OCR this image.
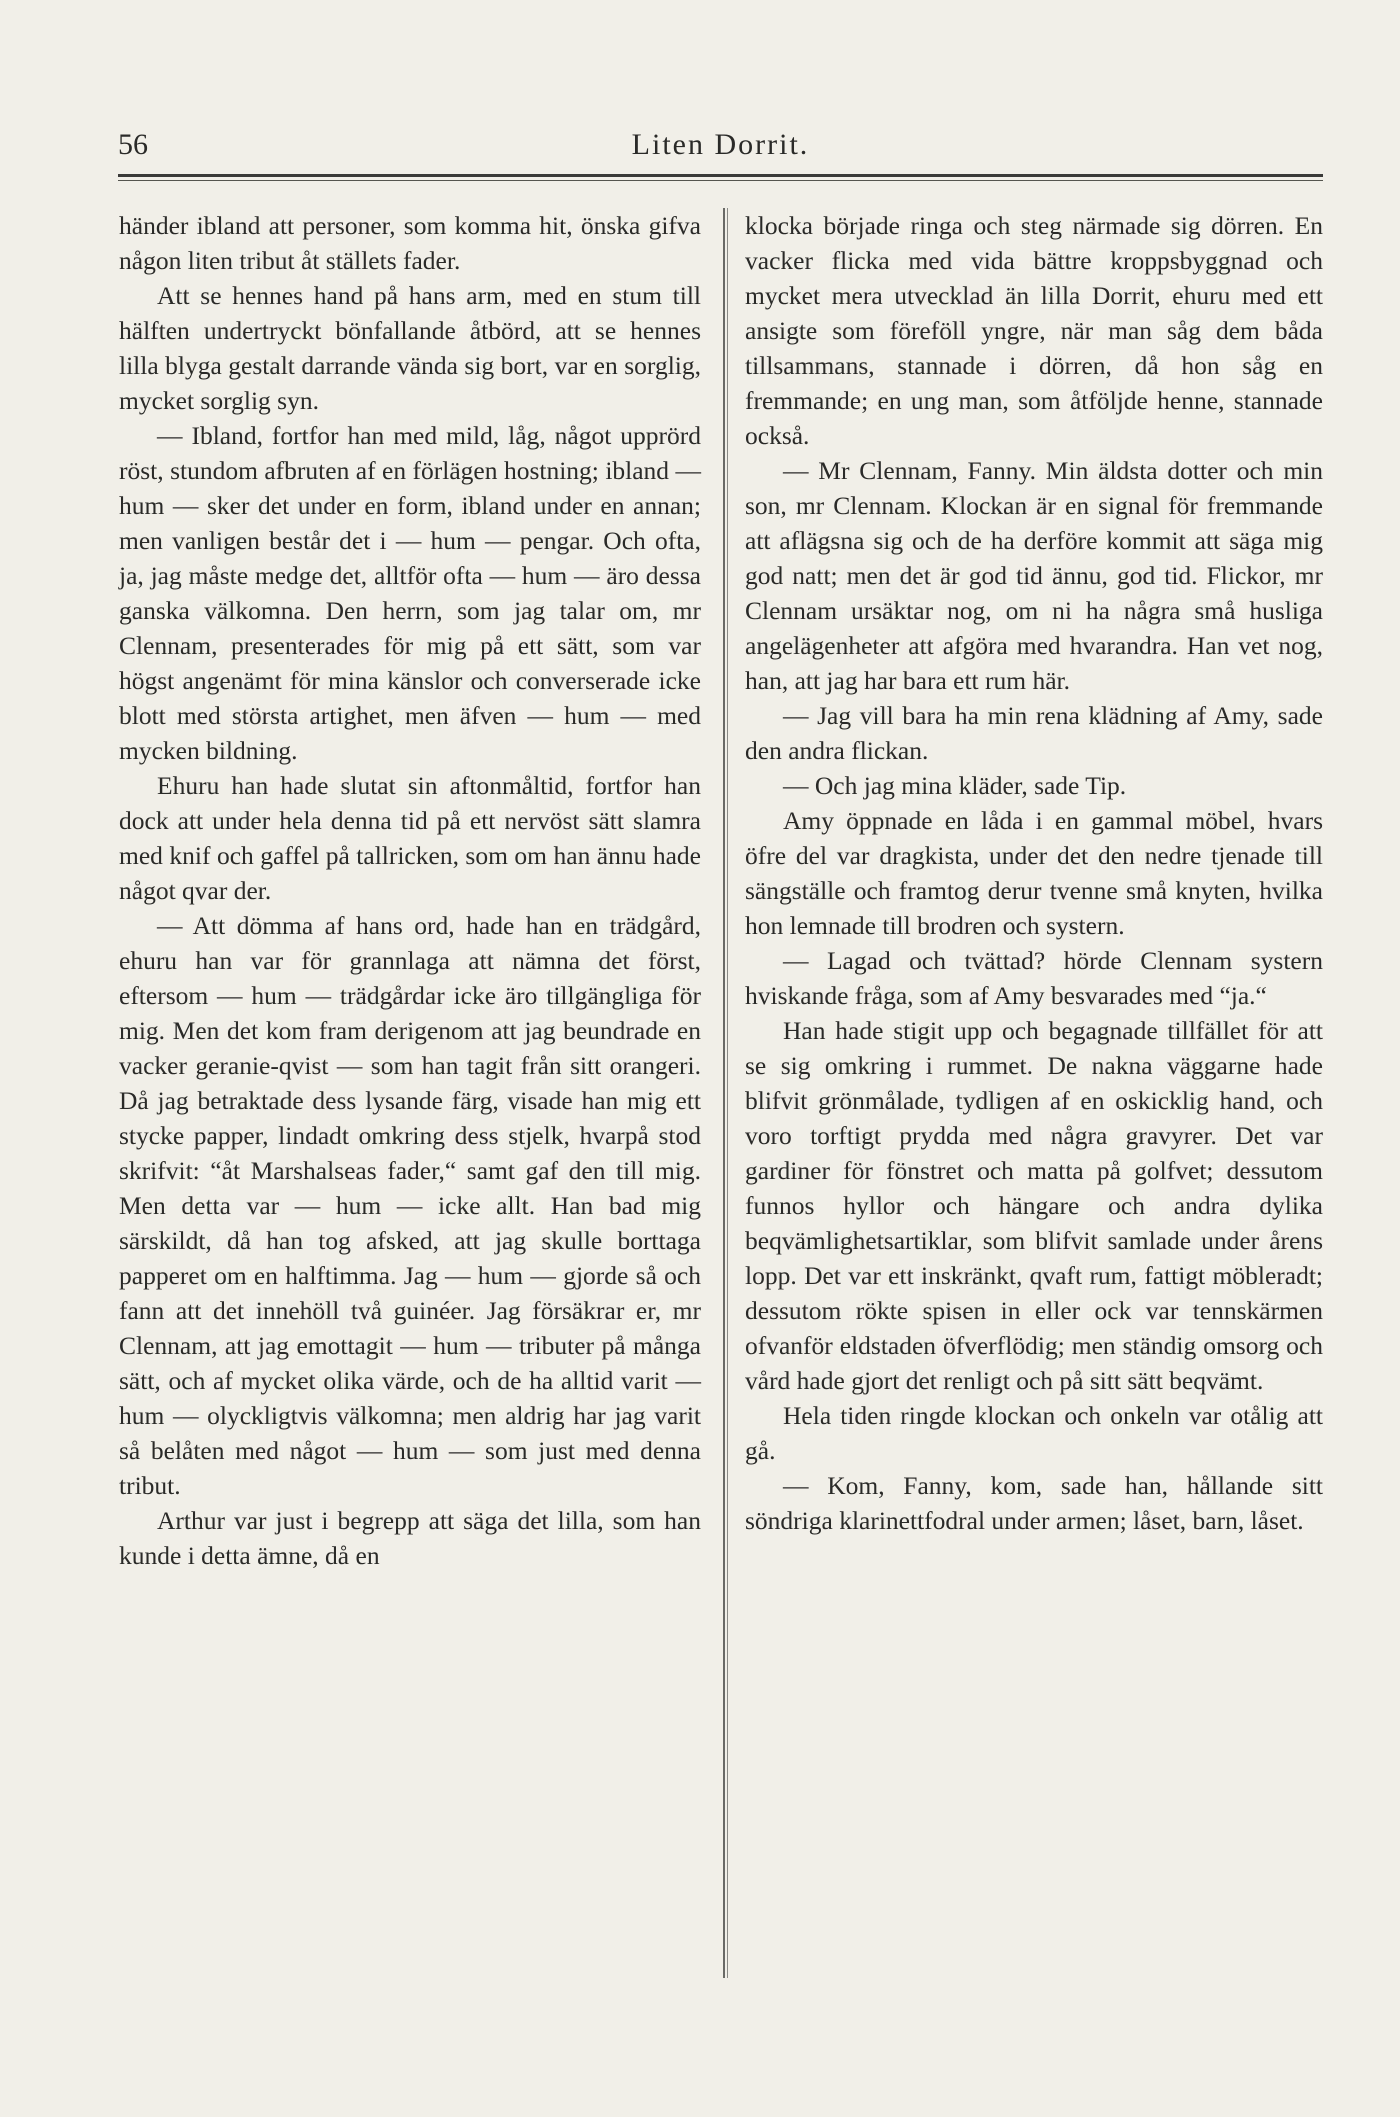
56	Liten Dorrit.

händer ibland att personer, som komma hit, önska gifva någon liten tribut åt ställets fader.

Att se hennes hand på hans arm, med en stum till hälften undertryckt bönfallande åtbörd, att se hennes lilla blyga gestalt darrande vända sig bort, var en sorglig, mycket sorglig syn.

— Ibland, fortfor han med mild, låg, något upprörd röst, stundom afbruten af en förlägen hostning; ibland — hum — sker det under en form, ibland under en annan; men vanligen består det i — hum — pengar. Och ofta, ja, jag måste medge det, alltför ofta — hum — äro dessa ganska välkomna. Den herrn, som jag talar om, mr Clennam, presenterades för mig på ett sätt, som var högst angenämt för mina känslor och converserade icke blott med största artighet, men äfven — hum — med mycken bildning.

Ehuru han hade slutat sin aftonmåltid, fortfor han dock att under hela denna tid på ett nervöst sätt slamra med knif och gaffel på tallricken, som om han ännu hade något qvar der.

— Att dömma af hans ord, hade han en trädgård, ehuru han var för grannlaga att nämna det först, eftersom — hum — trädgårdar icke äro tillgängliga för mig. Men det kom fram derigenom att jag beundrade en vacker geranie-qvist — som han tagit från sitt orangeri. Då jag betraktade dess lysande färg, visade han mig ett stycke papper, lindadt omkring dess stjelk, hvarpå stod skrifvit: “åt Marshalseas fader,“ samt gaf den till mig. Men detta var — hum — icke allt. Han bad mig särskildt, då han tog afsked, att jag skulle borttaga papperet om en halftimma. Jag — hum — gjorde så och fann att det innehöll två guinéer. Jag försäkrar er, mr Clennam, att jag emottagit — hum — tributer på många sätt, och af mycket olika värde, och de ha alltid varit — hum — olyckligtvis välkomna; men aldrig har jag varit så belåten med något — hum — som just med denna tribut.

Arthur var just i begrepp att säga det lilla, som han kunde i detta ämne, då en

klocka började ringa och steg närmade sig dörren. En vacker flicka med vida bättre kroppsbyggnad och mycket mera utvecklad än lilla Dorrit, ehuru med ett ansigte som föreföll yngre, när man såg dem båda tillsammans, stannade i dörren, då hon såg en fremmande; en ung man, som åtföljde henne, stannade också.

— Mr Clennam, Fanny. Min äldsta dotter och min son, mr Clennam. Klockan är en signal för fremmande att aflägsna sig och de ha derföre kommit att säga mig god natt; men det är god tid ännu, god tid. Flickor, mr Clennam ursäktar nog, om ni ha några små husliga angelägenheter att afgöra med hvarandra. Han vet nog, han, att jag har bara ett rum här.

— Jag vill bara ha min rena klädning af Amy, sade den andra flickan.

— Och jag mina kläder, sade Tip.

Amy öppnade en låda i en gammal möbel, hvars öfre del var dragkista, under det den nedre tjenade till sängställe och framtog derur tvenne små knyten, hvilka hon lemnade till brodren och systern.

— Lagad och tvättad? hörde Clennam systern hviskande fråga, som af Amy besvarades med “ja.“

Han hade stigit upp och begagnade tillfället för att se sig omkring i rummet. De nakna väggarne hade blifvit grönmålade, tydligen af en oskicklig hand, och voro torftigt prydda med några gravyrer. Det var gardiner för fönstret och matta på golfvet; dessutom funnos hyllor och hängare och andra dylika beqvämlighetsartiklar, som blifvit samlade under årens lopp. Det var ett inskränkt, qvaft rum, fattigt möbleradt; dessutom rökte spisen in eller ock var tennskärmen ofvanför eldstaden öfverflödig; men ständig omsorg och vård hade gjort det renligt och på sitt sätt beqvämt.

Hela tiden ringde klockan och onkeln var otålig att gå.

— Kom, Fanny, kom, sade han, hållande sitt söndriga klarinettfodral under armen; låset, barn, låset.
